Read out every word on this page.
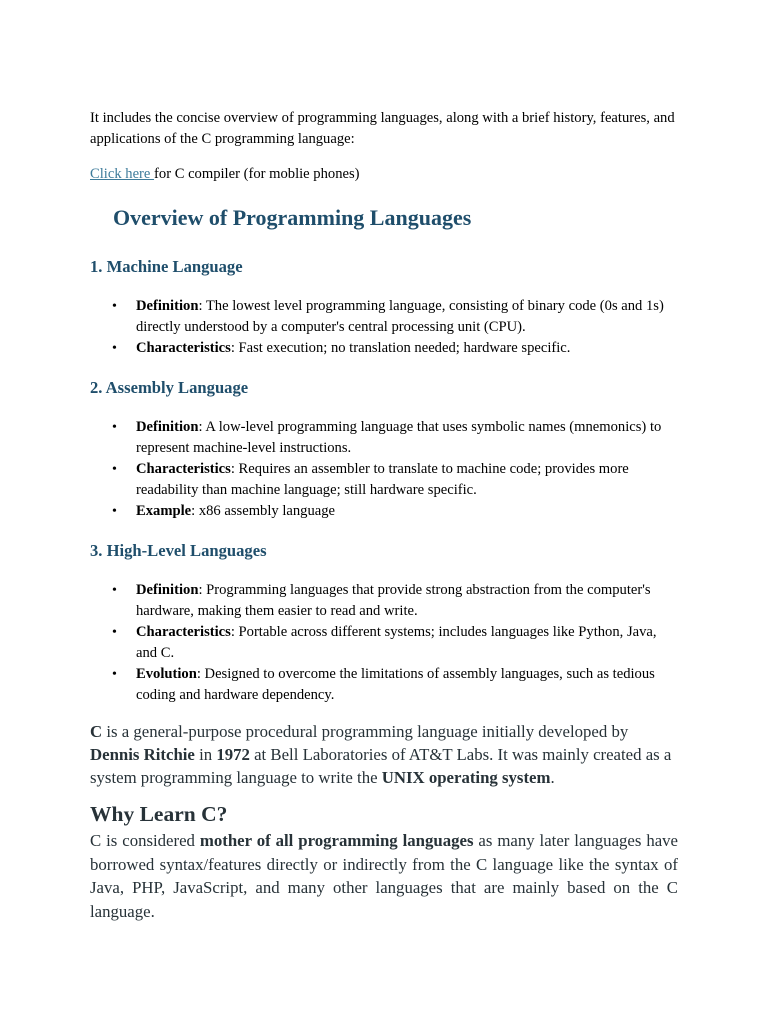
It includes the concise overview of programming languages, along with a brief history, features, and applications of the C programming language:

Click here for C compiler (for moblie phones)

Overview of Programming Languages
1. Machine Language
• Definition: The lowest level programming language, consisting of binary code (0s and 1s) directly understood by a computer's central processing unit (CPU).
• Characteristics: Fast execution; no translation needed; hardware specific.
2. Assembly Language
• Definition: A low-level programming language that uses symbolic names (mnemonics) to represent machine-level instructions.
• Characteristics: Requires an assembler to translate to machine code; provides more readability than machine language; still hardware specific.
• Example: x86 assembly language
3. High-Level Languages
• Definition: Programming languages that provide strong abstraction from the computer's hardware, making them easier to read and write.
• Characteristics: Portable across different systems; includes languages like Python, Java, and C.
• Evolution: Designed to overcome the limitations of assembly languages, such as tedious coding and hardware dependency.

C is a general-purpose procedural programming language initially developed by Dennis Ritchie in 1972 at Bell Laboratories of AT&T Labs. It was mainly created as a system programming language to write the UNIX operating system.

Why Learn C?

C is considered mother of all programming languages as many later languages have borrowed syntax/features directly or indirectly from the C language like the syntax of Java, PHP, JavaScript, and many other languages that are mainly based on the C language.
